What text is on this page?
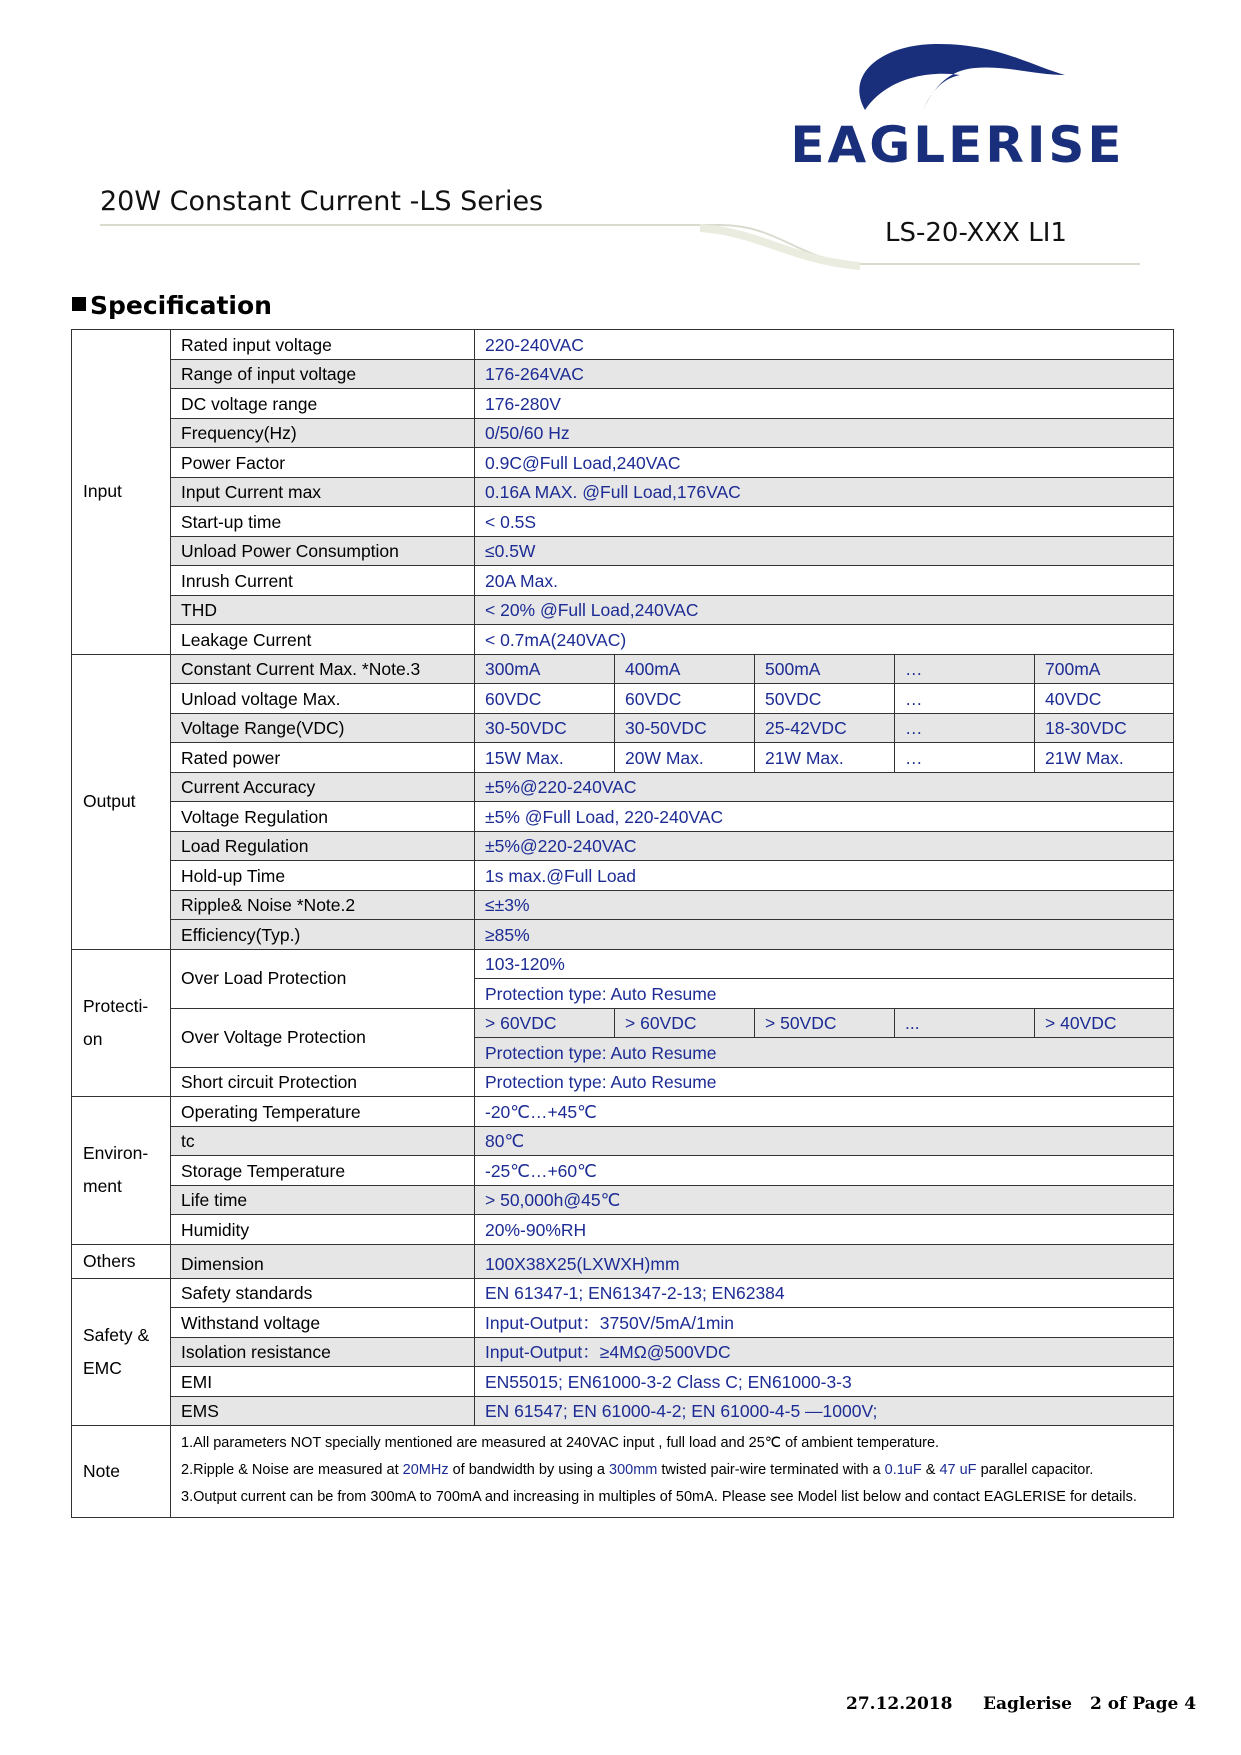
EAGLERISE
20W Constant Current -LS Series
LS-20-XXX LI1
Specification
Input	Rated input voltage	220-240VAC				
	Range of input voltage	176-264VAC				
	DC voltage range	176-280V				
	Frequency(Hz)	0/50/60 Hz				
	Power Factor	0.9C@Full Load,240VAC				
	Input Current max	0.16A MAX. @Full Load,176VAC				
	Start-up time	< 0.5S				
	Unload Power Consumption	≤0.5W				
	Inrush Current	20A Max.				
	THD	< 20% @Full Load,240VAC				
	Leakage Current	< 0.7mA(240VAC)				
Output	Constant Current Max. *Note.3	300mA	400mA	500mA	…	700mA
	Unload voltage Max.	60VDC	60VDC	50VDC	…	40VDC
	Voltage Range(VDC)	30-50VDC	30-50VDC	25-42VDC	…	18-30VDC
	Rated power	15W Max.	20W Max.	21W Max.	…	21W Max.
	Current Accuracy	±5%@220-240VAC				
	Voltage Regulation	±5% @Full Load, 220-240VAC				
	Load Regulation	±5%@220-240VAC				
	Hold-up Time	1s max.@Full Load				
	Ripple& Noise *Note.2	≤±3%				
	Efficiency(Typ.)	≥85%				
Protecti-
on	Over Load Protection	103-120%				
		Protection type: Auto Resume				
	Over Voltage Protection	> 60VDC	> 60VDC	> 50VDC	...	> 40VDC
		Protection type: Auto Resume				
	Short circuit Protection	Protection type: Auto Resume				
Environ-
ment	Operating Temperature	-20℃…+45℃				
	tc	80℃				
	Storage Temperature	-25℃…+60℃				
	Life time	> 50,000h@45℃				
	Humidity	20%-90%RH				
Others	Dimension	100X38X25(LXWXH)mm				
Safety &
EMC	Safety standards	EN 61347-1; EN61347-2-13; EN62384				
	Withstand voltage	Input-Output：3750V/5mA/1min				
	Isolation resistance	Input-Output：≥4MΩ@500VDC				
	EMI	EN55015; EN61000-3-2 Class C; EN61000-3-3				
	EMS	EN 61547; EN 61000-4-2; EN 61000-4-5 —1000V;				
Note	1.All parameters NOT specially mentioned are measured at 240VAC input , full load and 25℃ of ambient temperature.
2.Ripple & Noise are measured at 20MHz of bandwidth by using a 300mm twisted pair-wire terminated with a 0.1uF & 47 uF parallel capacitor.
3.Output current can be from 300mA to 700mA and increasing in multiples of 50mA. Please see Model list below and contact EAGLERISE for details.					
27.12.2018 Eaglerise 2 of Page 4
